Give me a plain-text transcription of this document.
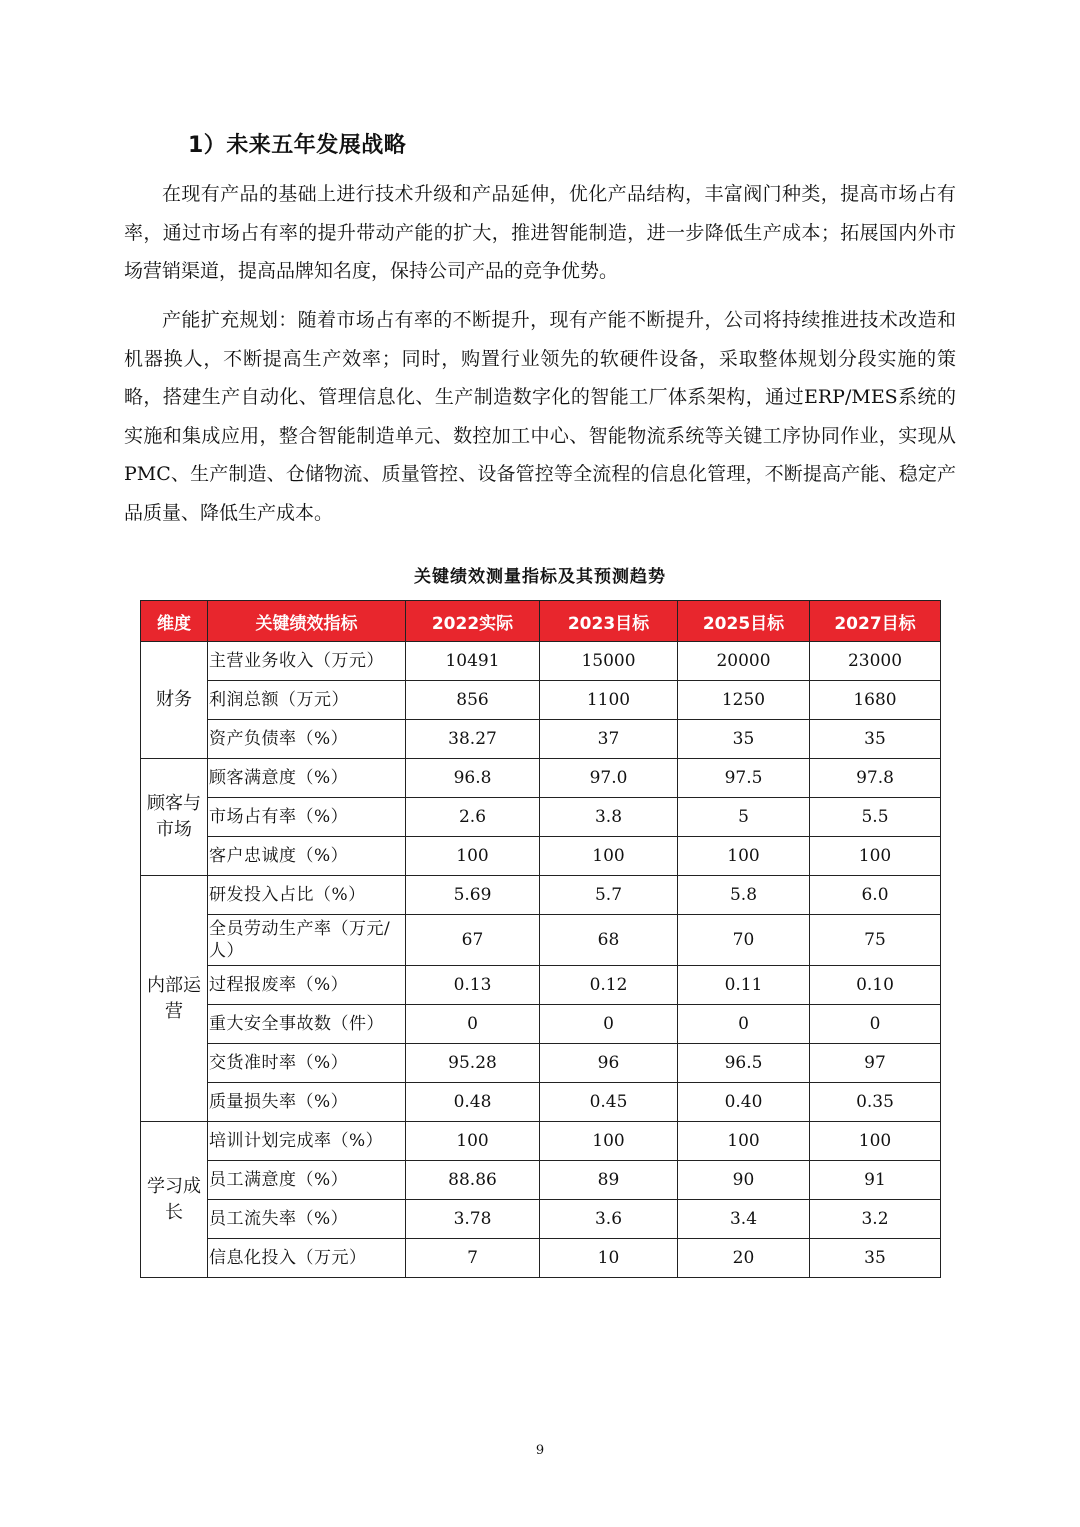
1）未来五年发展战略
在现有产品的基础上进行技术升级和产品延伸，优化产品结构，丰富阀门种类，提高市场占有率，通过市场占有率的提升带动产能的扩大，推进智能制造，进一步降低生产成本；拓展国内外市场营销渠道，提高品牌知名度，保持公司产品的竞争优势。
产能扩充规划：随着市场占有率的不断提升，现有产能不断提升，公司将持续推进技术改造和机器换人，不断提高生产效率；同时，购置行业领先的软硬件设备，采取整体规划分段实施的策略，搭建生产自动化、管理信息化、生产制造数字化的智能工厂体系架构，通过ERP/MES系统的实施和集成应用，整合智能制造单元、数控加工中心、智能物流系统等关键工序协同作业，实现从PMC、生产制造、仓储物流、质量管控、设备管控等全流程的信息化管理，不断提高产能、稳定产品质量、降低生产成本。
关键绩效测量指标及其预测趋势
维度	关键绩效指标	2022实际	2023目标	2025目标	2027目标
财务	主营业务收入（万元）	10491	15000	20000	23000
	利润总额（万元）	856	1100	1250	1680
	资产负债率（%）	38.27	37	35	35
顾客与市场	顾客满意度（%）	96.8	97.0	97.5	97.8
	市场占有率（%）	2.6	3.8	5	5.5
	客户忠诚度（%）	100	100	100	100
内部运营	研发投入占比（%）	5.69	5.7	5.8	6.0
	全员劳动生产率（万元/人）	67	68	70	75
	过程报废率（%）	0.13	0.12	0.11	0.10
	重大安全事故数（件）	0	0	0	0
	交货准时率（%）	95.28	96	96.5	97
	质量损失率（%）	0.48	0.45	0.40	0.35
学习成长	培训计划完成率（%）	100	100	100	100
	员工满意度（%）	88.86	89	90	91
	员工流失率（%）	3.78	3.6	3.4	3.2
	信息化投入（万元）	7	10	20	35
9
